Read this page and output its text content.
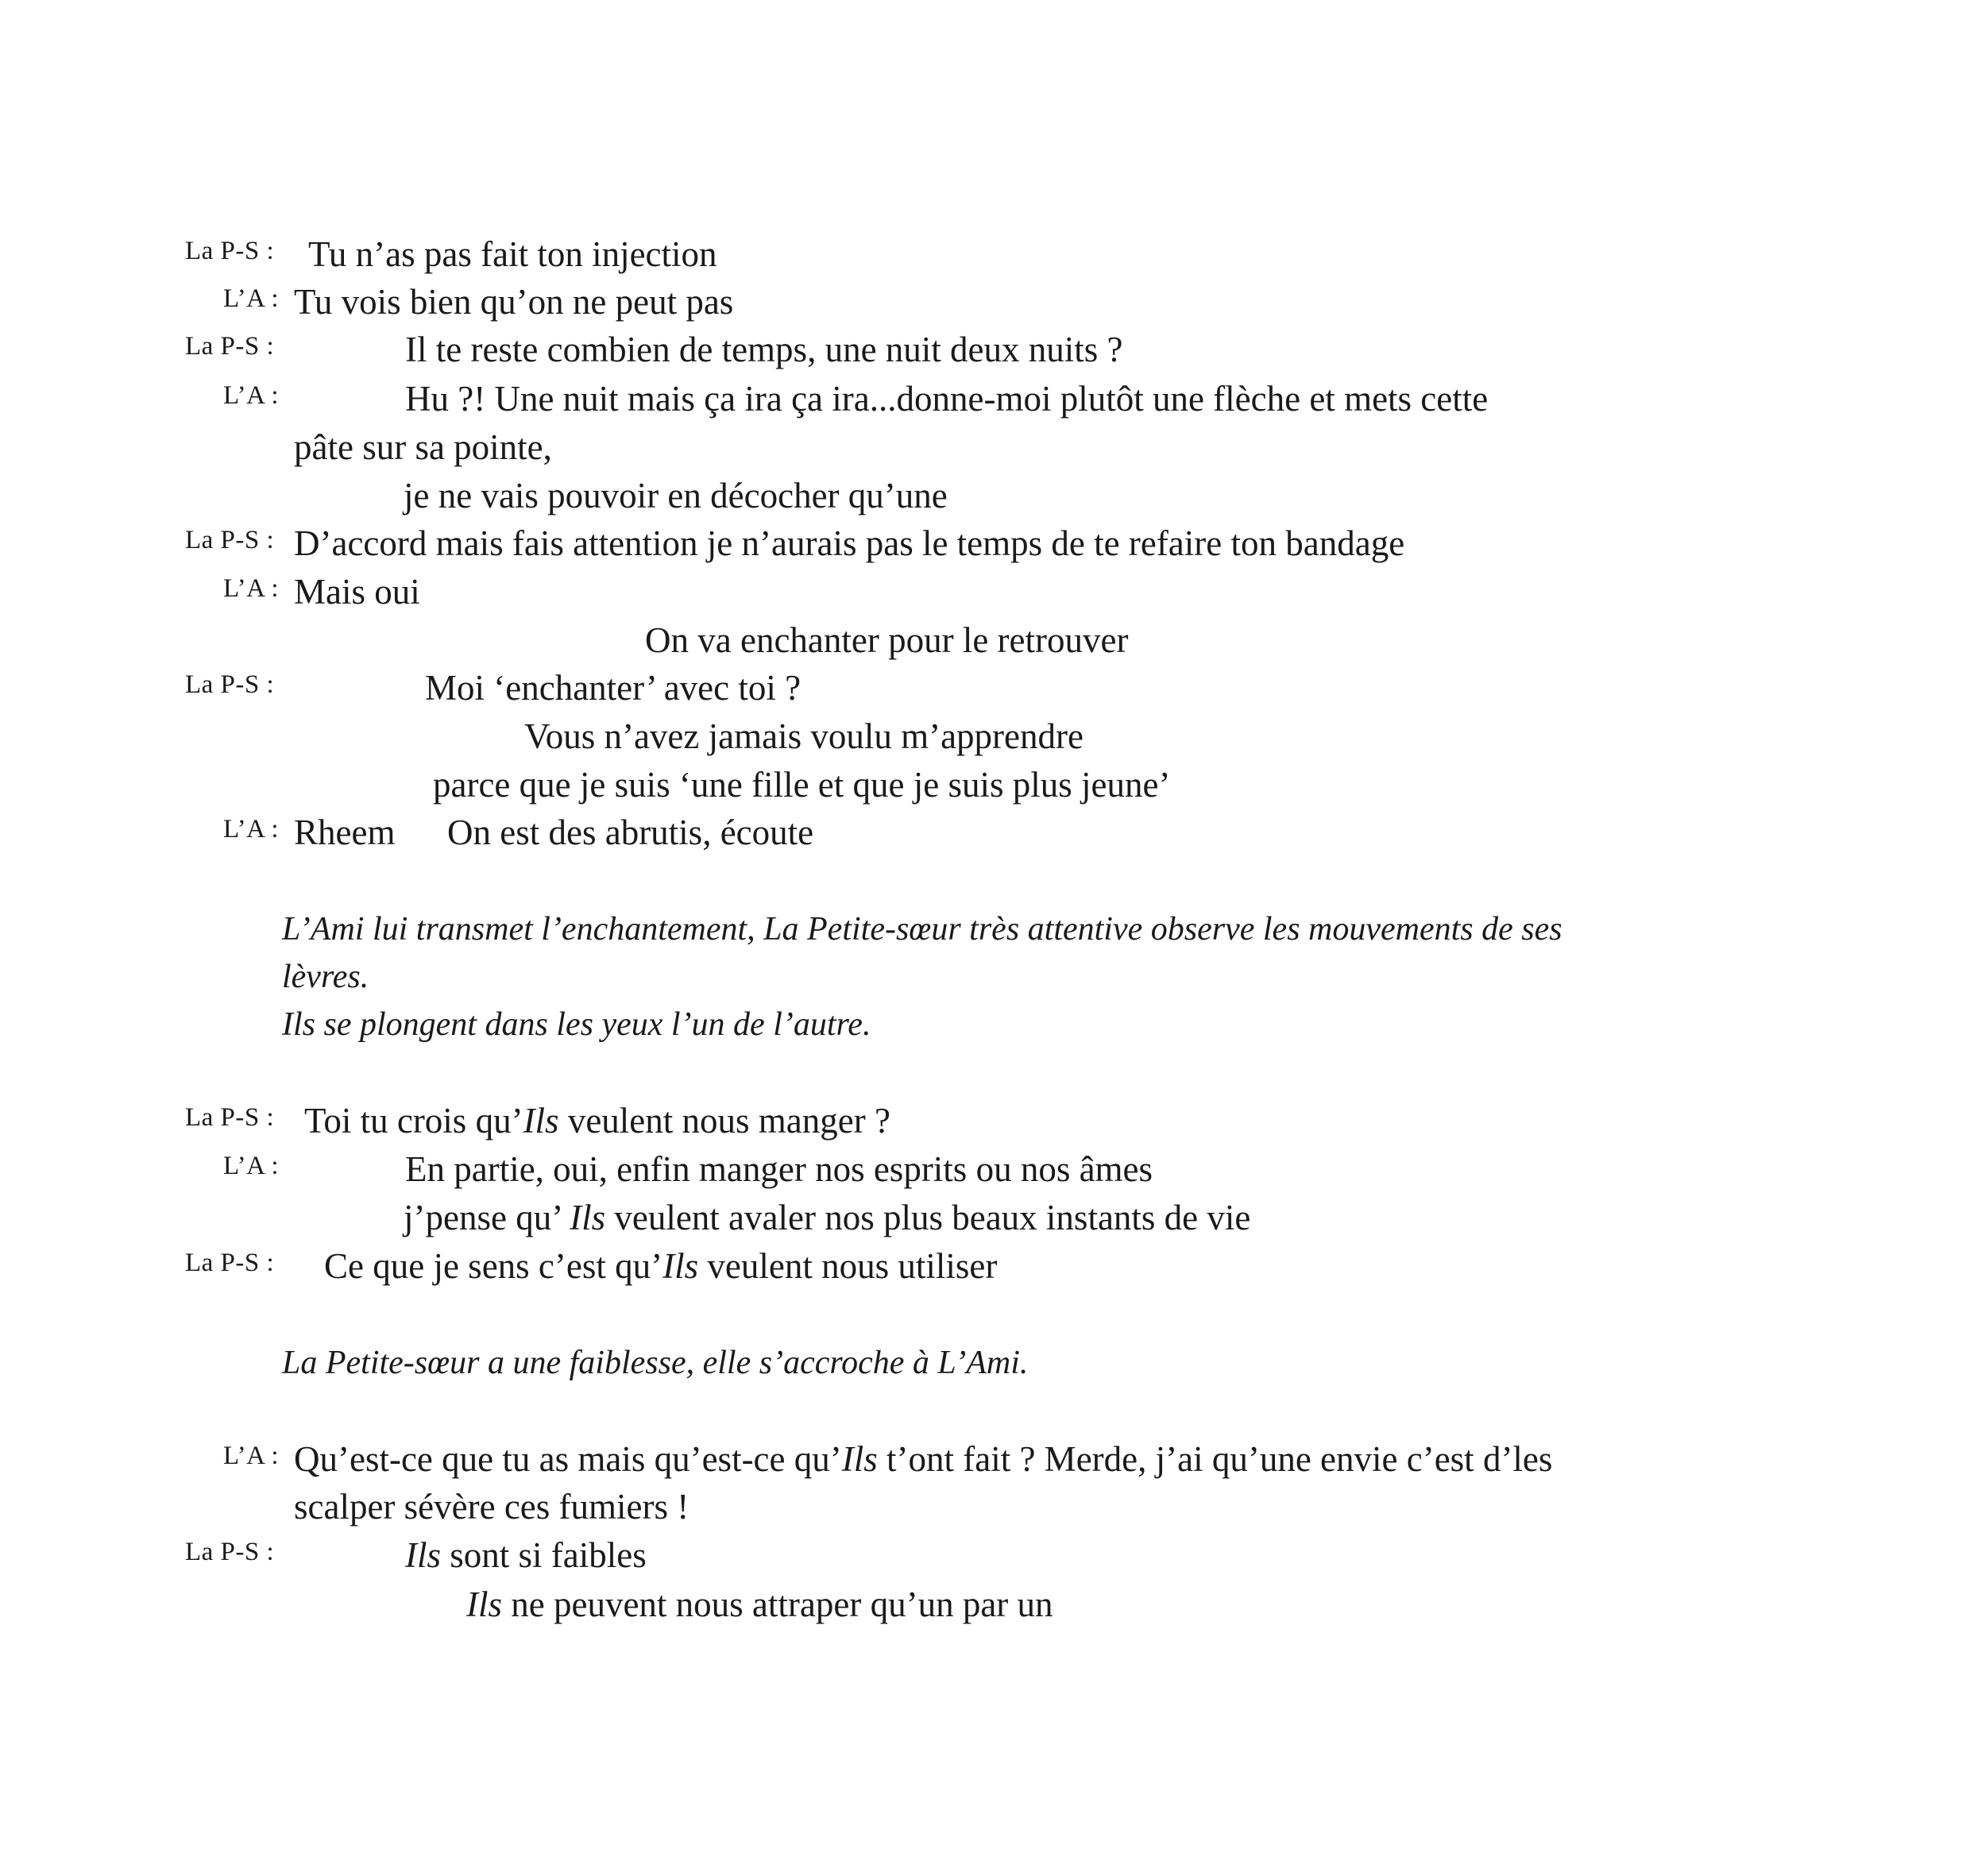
La P-S : Tu n’as pas fait ton injection
L’A : Tu vois bien qu’on ne peut pas
La P-S :	Il te reste combien de temps, une nuit deux nuits ?
L’A :	Hu ?! Une nuit mais ça ira ça ira...donne-moi plutôt une flèche et mets cette
pâte sur sa pointe,
je ne vais pouvoir en décocher qu’une
La P-S : D’accord mais fais attention je n’aurais pas le temps de te refaire ton bandage
L’A : Mais oui
On va enchanter pour le retrouver
La P-S :	Moi ‘enchanter’ avec toi ?
Vous n’avez jamais voulu m’apprendre
parce que je suis ‘une fille et que je suis plus jeune’
L’A : Rheem On est des abrutis, écoute
L’Ami lui transmet l’enchantement, La Petite-sœur très attentive observe les mouvements de ses
lèvres.
Ils se plongent dans les yeux l’un de l’autre.
La P-S : Toi tu crois qu’Ils veulent nous manger ?
L’A :	En partie, oui, enfin manger nos esprits ou nos âmes
j’pense qu’ Ils veulent avaler nos plus beaux instants de vie
La P-S : Ce que je sens c’est qu’Ils veulent nous utiliser
La Petite-sœur a une faiblesse, elle s’accroche à L’Ami.
L’A : Qu’est-ce que tu as mais qu’est-ce qu’Ils t’ont fait ? Merde, j’ai qu’une envie c’est d’les
scalper sévère ces fumiers !
La P-S :	Ils sont si faibles
Ils ne peuvent nous attraper qu’un par un
